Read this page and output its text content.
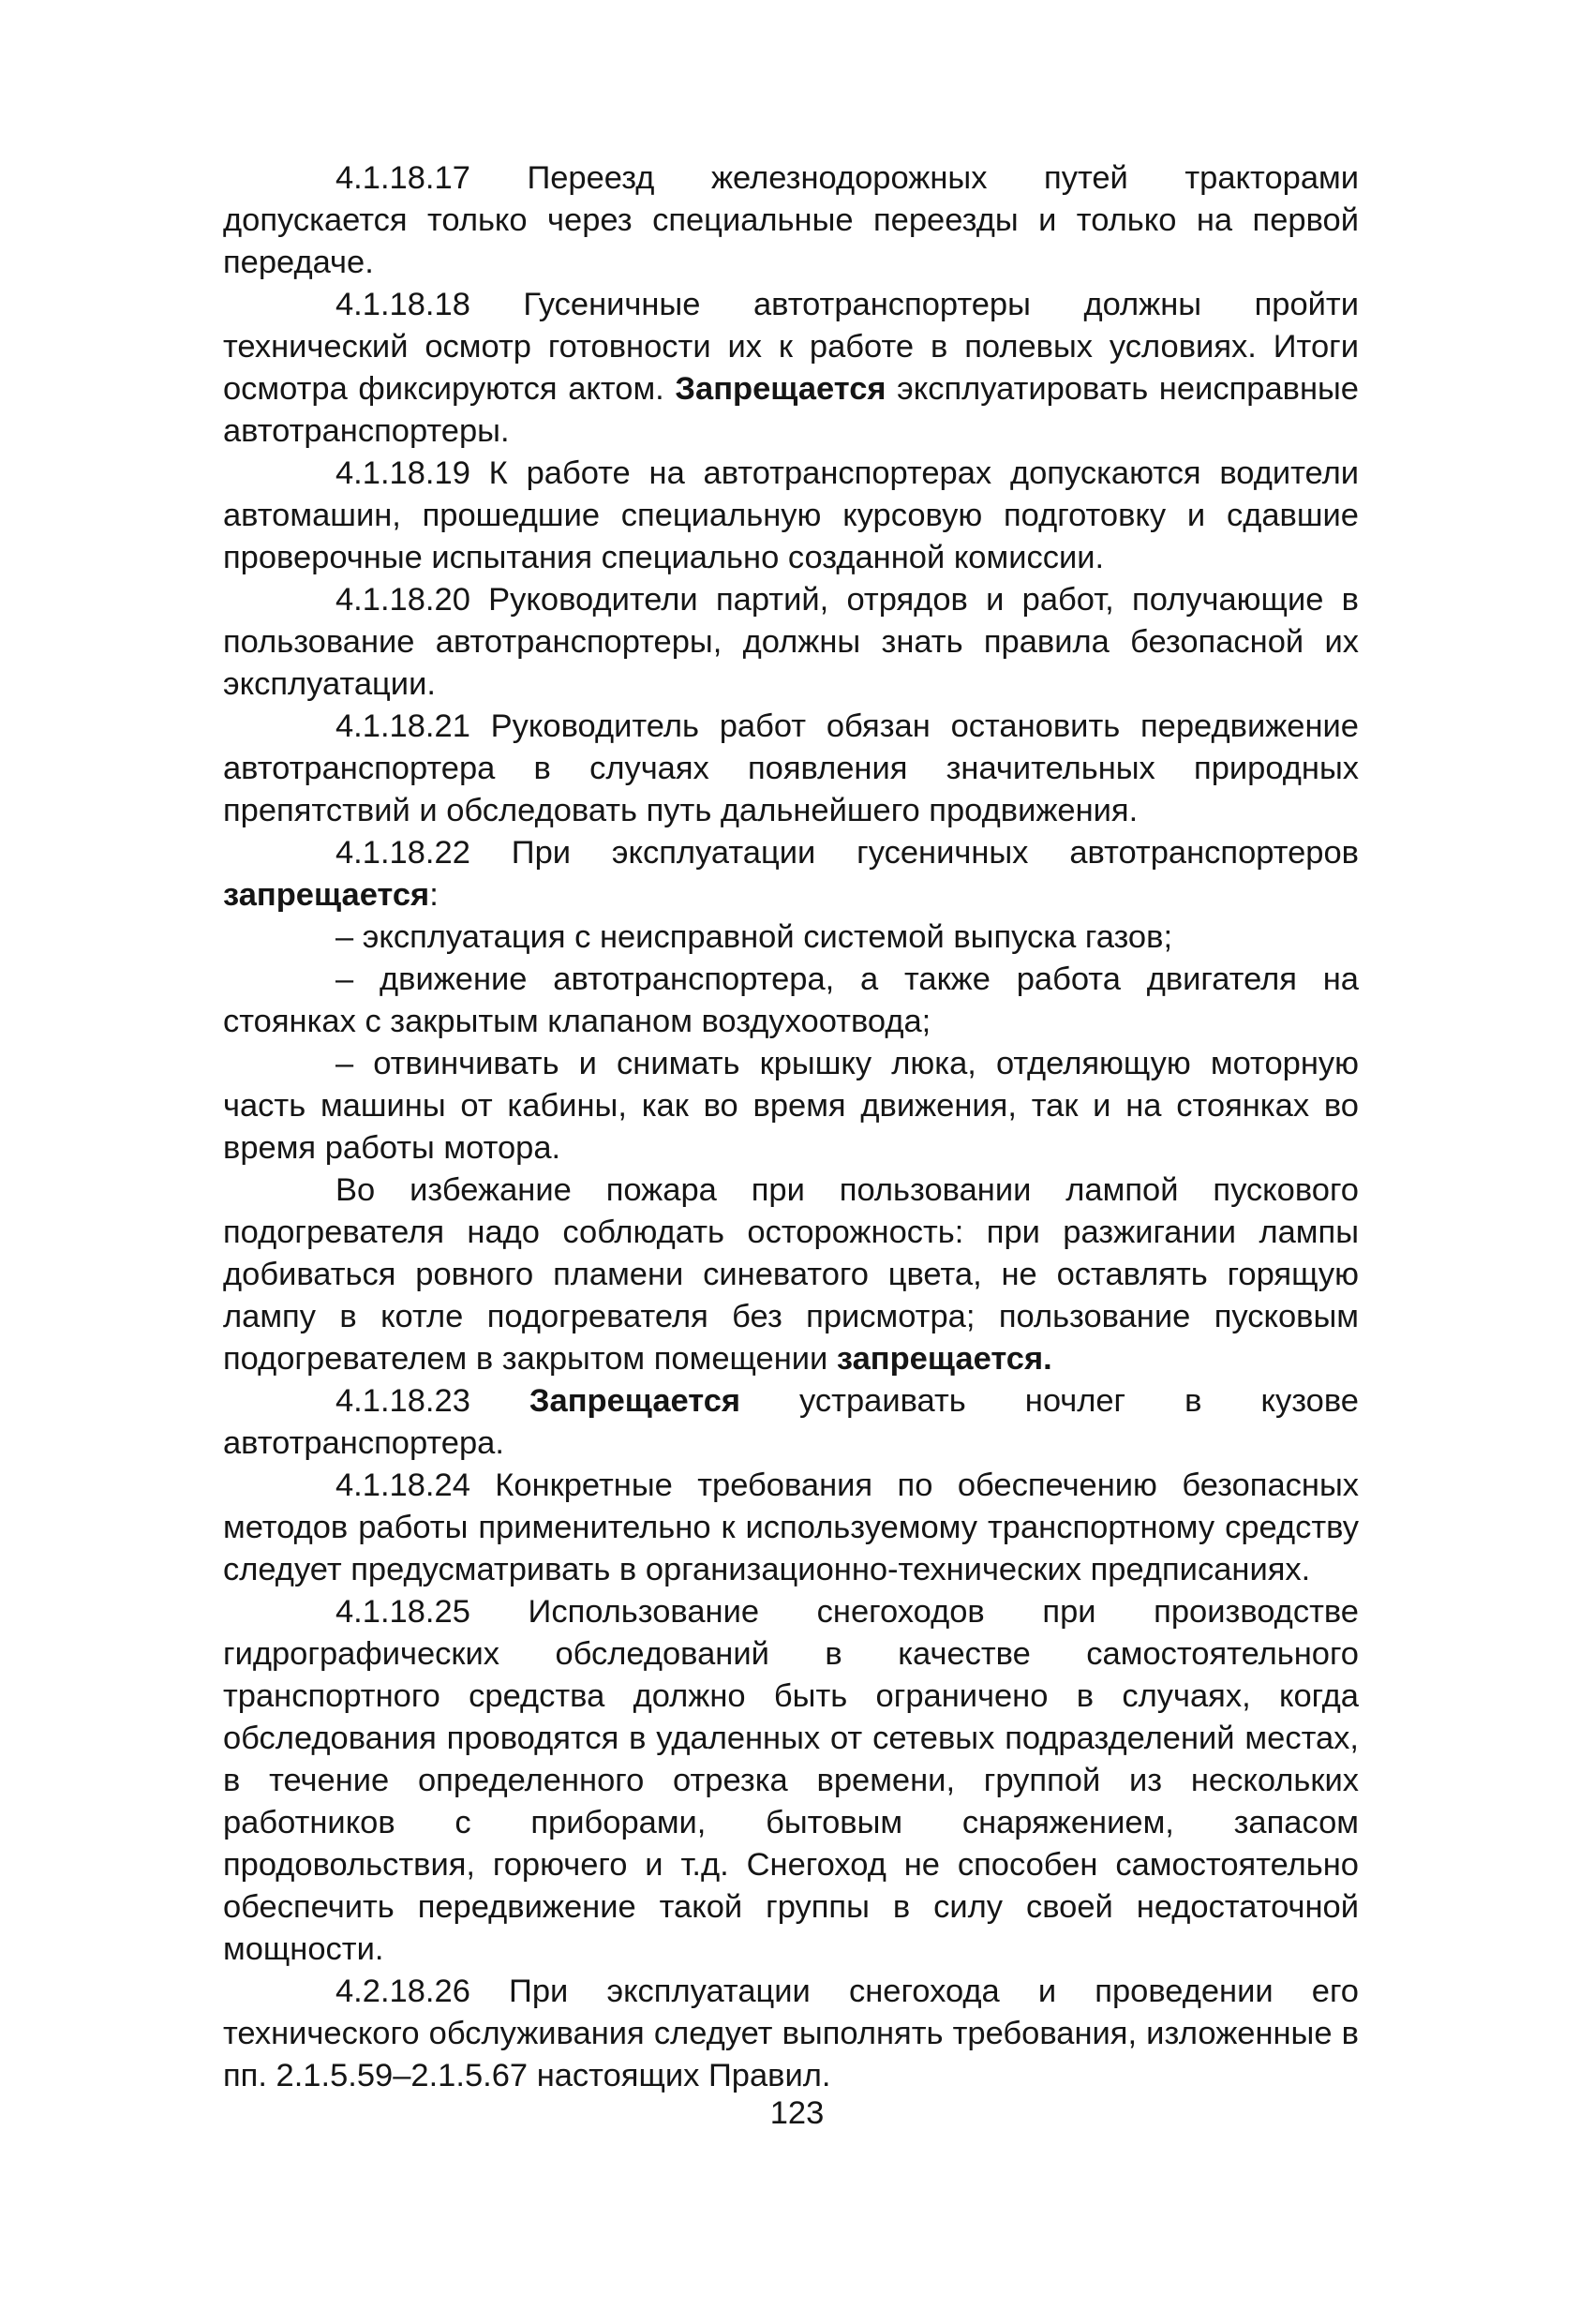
4.1.18.17 Переезд железнодорожных путей тракторами допускается только через специальные переезды и только на первой передаче.

4.1.18.18 Гусеничные автотранспортеры должны пройти технический осмотр готовности их к работе в полевых условиях. Итоги осмотра фиксируются актом. Запрещается эксплуатировать неисправные автотранспортеры.

4.1.18.19 К работе на автотранспортерах допускаются водители автомашин, прошедшие специальную курсовую подготовку и сдавшие проверочные испытания специально созданной комиссии.

4.1.18.20 Руководители партий, отрядов и работ, получающие в пользование автотранспортеры, должны знать правила безопасной их эксплуатации.

4.1.18.21 Руководитель работ обязан остановить передвижение автотранспортера в случаях появления значительных природных препятствий и обследовать путь дальнейшего продвижения.

4.1.18.22 При эксплуатации гусеничных автотранспортеров запрещается:

– эксплуатация с неисправной системой выпуска газов;

– движение автотранспортера, а также работа двигателя на стоянках с закрытым клапаном воздухоотвода;

– отвинчивать и снимать крышку люка, отделяющую моторную часть машины от кабины, как во время движения, так и на стоянках во время работы мотора.

Во избежание пожара при пользовании лампой пускового подогревателя надо соблюдать осторожность: при разжигании лампы добиваться ровного пламени синеватого цвета, не оставлять горящую лампу в котле подогревателя без присмотра; пользование пусковым подогревателем в закрытом помещении запрещается.

4.1.18.23 Запрещается устраивать ночлег в кузове автотранспортера.

4.1.18.24 Конкретные требования по обеспечению безопасных методов работы применительно к используемому транспортному средству следует предусматривать в организационно-технических предписаниях.

4.1.18.25 Использование снегоходов при производстве гидрографических обследований в качестве самостоятельного транспортного средства должно быть ограничено в случаях, когда обследования проводятся в удаленных от сетевых подразделений местах, в течение определенного отрезка времени, группой из нескольких работников с приборами, бытовым снаряжением, запасом продовольствия, горючего и т.д. Снегоход не способен самостоятельно обеспечить передвижение такой группы в силу своей недостаточной мощности.

4.2.18.26 При эксплуатации снегохода и проведении его технического обслуживания следует выполнять требования, изложенные в пп. 2.1.5.59–2.1.5.67 настоящих Правил.

123
